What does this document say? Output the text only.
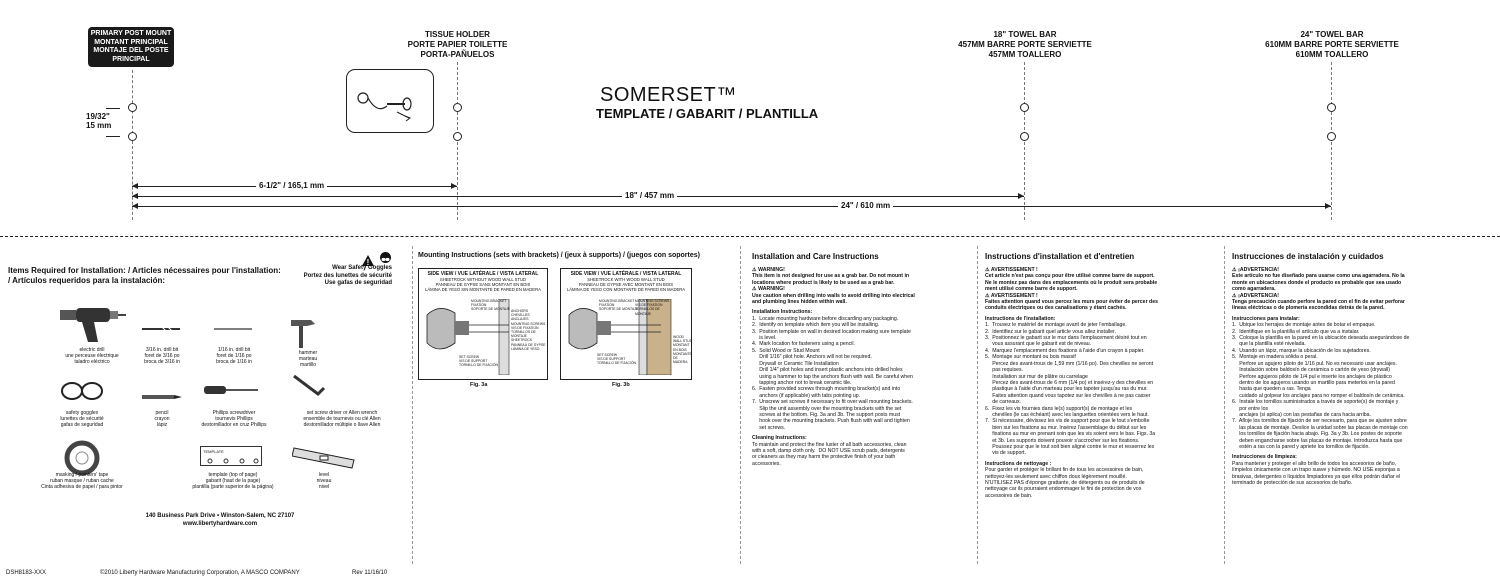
PRIMARY POST MOUNT
MONTANT PRINCIPAL
MONTAJE DEL POSTE
PRINCIPAL
TISSUE HOLDER
PORTE PAPIER TOILETTE
PORTA-PAÑUELOS
18" TOWEL BAR
457MM BARRE PORTE SERVIETTE
457MM TOALLERO
24" TOWEL BAR
610MM BARRE PORTE SERVIETTE
610MM TOALLERO
19/32"
15 mm
SOMERSET™
TEMPLATE / GABARIT / PLANTILLA
6-1/2" / 165,1 mm
18" / 457 mm
24" / 610 mm
Items Required for Installation: / Articles nécessaires pour l'installation:
/ Artículos requeridos para la instalación:
!
Wear Safety Goggles
Portez des lunettes de sécurité
Use gafas de seguridad
TEMPLATE
electric drill
une perceuse électrique
taladro eléctrico
3/16 in. drill bit
foret de 3/16 po
broca de 3/16 in
1/16 in. drill bit
foret de 1/16 po
broca de 1/16 in
hammer
marteau
martillo
safety goggles
lunettes de sécurité
gafas de seguridad
pencil
crayon
lápiz
Phillips screwdriver
tournevis Phillips
destornillador en cruz Phillips
set screw driver or Allen wrench
ensemble de tournevis ou clé Allen
destornillador múltiple o llave Allen
masking / painters' tape
ruban masque / ruban cache
Cinta adhesiva de papel / para pintor
template (top of page)
gabarit (haut de la page)
plantilla (parte superior de la página)
level
niveau
nivel
140 Business Park Drive • Winston-Salem, NC 27107
www.libertyhardware.com
Mounting Instructions (sets with brackets) / (jeux à supports) / (juegos con soportes)
SIDE VIEW / VUE LATÉRALE / VISTA LATERAL
SHEETROCK WITHOUT WOOD WALL STUD
PANNEAU DE GYPSE SANS MONTANT EN BOIS
LÁMINA DE YESO SIN MONTANTE DE PARED EN MADERA
MOUNTING BRACKET
FIXATION
SOPORTE DE MONTAJE ANCHORS
CHEVILLES
ANCLAJES
MOUNTING SCREWS
VIS DE FIXATION
TORNILLOS DE MONTAJE
SHEETROCK
PANNEAU DE GYPSE
LÁMINA DE YESO
SET SCREW
VIS DE SUPPORT
TORNILLO DE FIJACIÓN
Fig. 3a
SIDE VIEW / VUE LATÉRALE / VISTA LATERAL
SHEETROCK WITH WOOD WALL STUD
PANNEAU DE GYPSE AVEC MONTANT EN BOIS
LÁMINA DE YESO CON MONTANTE DE PARED EN MADERA
MOUNTING BRACKET
FIXATION
SOPORTE DE MONTAJE
MOUNTING SCREWS
VIS DE FIXATION
TORNILLOS DE MONTAJE
WOOD WALL STUD
MONTANT EN BOIS
MONTANTE DE MADERA
SET SCREW
VIS DE SUPPORT
TORNILLO DE FIJACIÓN
Fig. 3b
Installation and Care Instructions
⚠ WARNING!
This item is not designed for use as a grab bar. Do not mount in
locations where product is likely to be used as a grab bar.
⚠ WARNING!
Use caution when drilling into walls to avoid drilling into electrical
and plumbing lines hidden within wall.
Installation Instructions:
1.  Locate mounting hardware before discarding any packaging.
2.  Identify on template which item you will be installing.
3.  Position template on wall in desired location making sure template
is level.
4.  Mark location for fasteners using a pencil.
5.  Solid Wood or Stud Mount
Drill 1/16" pilot hole. Anchors will not be required.
Drywall or Ceramic Tile Installation
Drill 1/4" pilot holes and insert plastic anchors into drilled holes
using a hammer to tap the anchors flush with wall. Be careful when
tapping anchor not to break ceramic tile.
6.  Fasten provided screws through mounting bracket(s) and into
anchors (if applicable) with tabs pointing up.
7.  Unscrew set screws if necessary to fit over wall mounting brackets.
Slip the unit assembly over the mounting brackets with the set
screws at the bottom. Fig. 3a and 3b. The support posts must
hook over the mounting brackets. Push flush with wall and tighten
set screws.
Cleaning Instructions:
To maintain and protect the fine luster of all bath accessories, clean
with a soft, damp cloth only.  DO NOT USE scrub pads, detergents
or cleaners as they may harm the protective finish of your bath
accessories.
Instructions d'installation et d'entretien
⚠ AVERTISSEMENT !
Cet article n'est pas conçu pour être utilisé comme barre de support.
Ne le montez pas dans des emplacements où le produit sera probable
ment utilisé comme barre de support.
⚠ AVERTISSEMENT !
Faites attention quand vous percez les murs pour éviter de percer des
conduits électriques ou des canalisations y étant cachés.
Instructions de l'installation:
1.  Trouvez le matériel de montage avant de jeter l'emballage.
2.  Identifiez sur le gabarit quel article vous allez installer.
3.  Positionnez le gabarit sur le mur dans l'emplacement désiré tout en
vous assurant que le gabarit est de niveau.
4.  Marquez l'emplacement des fixations à l'aide d'un crayon à papier.
5.  Montage sur montant ou bois massif
Percez des avant-trous de 1,59 mm (1/16 po). Des chevilles ne seront
pas requises.
Installation sur mur de plâtre ou carrelage
Percez des avant-trous de 6 mm (1/4 po) et insérez-y des chevilles en
plastique à l'aide d'un marteau pour les tapoter jusqu'au ras du mur.
Faites attention quand vous tapotez sur les chevilles à ne pas casser
de carreaux.
6.  Fixez les vis fournies dans le(s) support(s) de montage et les
chevilles (le cas échéant) avec les languettes orientées vers le haut.
7.  Si nécessaire, dévissez les vis de support pour que le tout s'emboîte
bien sur les fixations au mur. Insérez l'assemblage du début sur les
fixations au mur en prenant soin que les vis soient vers le bas. Figs. 3a
et 3b. Les supports doivent pouvoir s'accrocher sur les fixations.
Poussez pour que le tout soit bien aligné contre le mur et resserrez les
vis de support.
Instructions de nettoyage :
Pour garder et protéger le brillant fin de tous les accessoires de bain,
nettoyez-les seulement avec chiffon doux légèrement mouillé.
N'UTILISEZ PAS d'éponge grattante, de détergents ou de produits de
nettoyage car ils pourraient endommager le fini de protection de vos
accessoires de bain.
Instrucciones de instalación y cuidados
⚠ ¡ADVERTENCIA!
Este artículo no fue diseñado para usarse como una agarradera. No la
monte en ubicaciones donde el producto es probable que sea usado
como agarradera.
⚠ ¡ADVERTENCIA!
Tenga precaución cuando perfore la pared con el fin de evitar perforar
líneas eléctricas o de plomería escondidas detrás de la pared.
Instrucciones para instalar:
1.  Ubique los herrajes de montaje antes de botar el empaque.
2.  Identifique en la plantilla el artículo que va a instalar.
3.  Coloque la plantilla en la pared en la ubicación deseada asegurándose de
que la plantilla esté nivelada.
4.  Usando un lápiz, marque la ubicación de los sujetadores.
5.  Montaje en madera sólida o peral.
Perfore un agujero piloto de 1/16 pul. No es necesario usar anclajes.
Instalación sobre baldosín de cerámica o cartón de yeso (drywall)
Perfore agujeros piloto de 1/4 pul e inserte los anclajes de plástico
dentro de los agujeros usando un martillo para meterlos en la pared
hasta que queden a ras. Tenga
cuidado al golpear los anclajes para no romper el baldosín de cerámica.
6.  Instale los tornillos suministrados a través de soporte(s) de montaje y
por entre los
anclajes (si aplica) con las pestañas de cara hacia arriba.
7.  Afloje los tornillos de fijación de ser necesario, para que se ajusten sobre
las placas de montaje. Deslice la unidad sobre las placas de montaje con
los tornillos de fijación hacia abajo. Fig. 3a y 3b. Los postes de soporte
deben engancharse sobre las placas de montaje. Introduzca hasta que
estén a ras con la pared y apriete los tornillos de fijación.
Instrucciones de limpieza:
Para mantener y proteger el alto brillo de todos los accesorios de baño,
límpielos únicamente con un trapo suave y húmedo. NO USE esponjas a
brasivas, detergentes o líquidos limpiadores ya que ellos podrán dañar el
terminado de protección de sus accesorios de baño.
DSH8183-XXX	©2010 Liberty Hardware Manufacturing Corporation, A MASCO COMPANY	Rev 11/16/10
